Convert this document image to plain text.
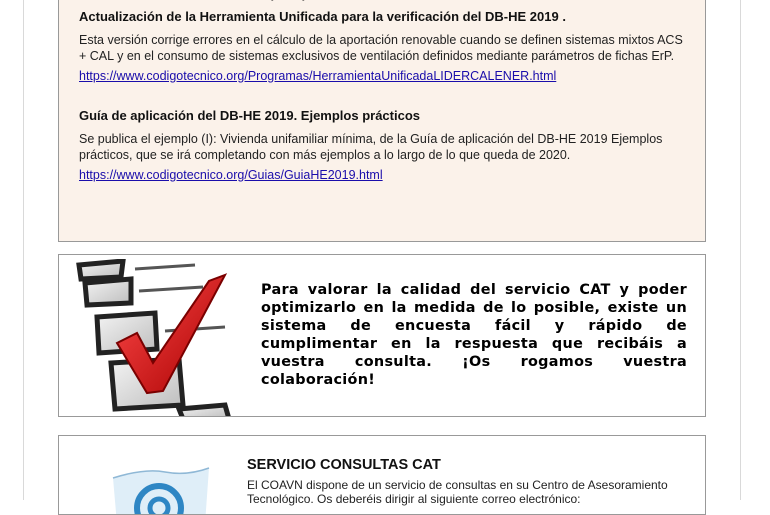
Actualización de la Herramienta Unificada para la verificación del DB-HE 2019 .

Esta versión corrige errores en el cálculo de la aportación renovable cuando se definen sistemas mixtos ACS + CAL y en el consumo de sistemas exclusivos de ventilación definidos mediante parámetros de fichas ErP.

https://www.codigotecnico.org/Programas/HerramientaUnificadaLIDERCALENER.html

Guía de aplicación del DB-HE 2019. Ejemplos prácticos

Se publica el ejemplo (I): Vivienda unifamiliar mínima, de la Guía de aplicación del DB-HE 2019 Ejemplos prácticos, que se irá completando con más ejemplos a lo largo de lo que queda de 2020.

https://www.codigotecnico.org/Guias/GuiaHE2019.html

Para valorar la calidad del servicio CAT y poder optimizarlo en la medida de lo posible, existe un sistema de encuesta fácil y rápido de cumplimentar en la respuesta que recibáis a vuestra consulta. ¡Os rogamos vuestra colaboración!

SERVICIO CONSULTAS CAT

El COAVN dispone de un servicio de consultas en su Centro de Asesoramiento Tecnológico. Os deberéis dirigir al siguiente correo electrónico:
